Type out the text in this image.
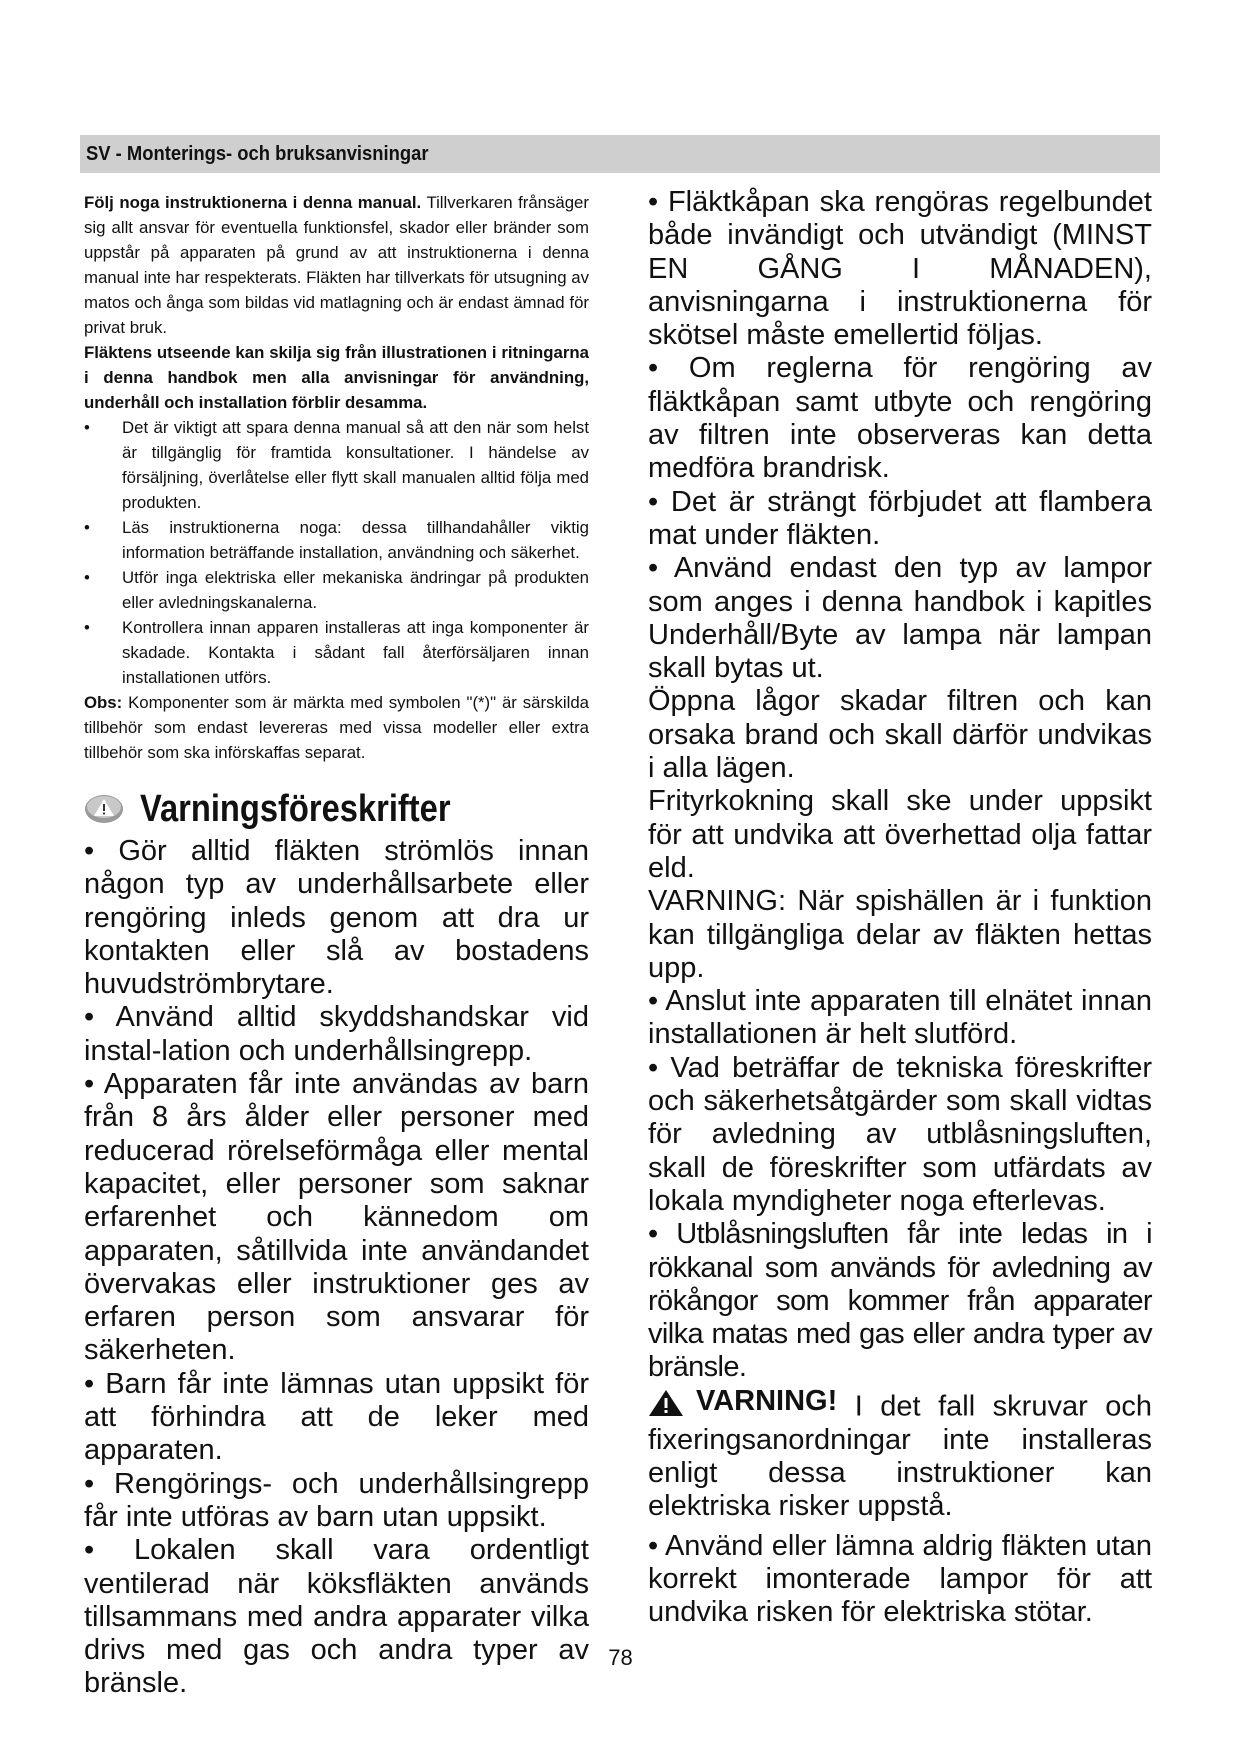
SV - Monterings- och bruksanvisningar

Följ noga instruktionerna i denna manual. Tillverkaren frånsäger sig allt ansvar för eventuella funktionsfel, skador eller bränder som uppstår på apparaten på grund av att instruktionerna i denna manual inte har respekterats. Fläkten har tillverkats för utsugning av matos och ånga som bildas vid matlagning och är endast ämnad för privat bruk.

Fläktens utseende kan skilja sig från illustrationen i ritningarna i denna handbok men alla anvisningar för användning, underhåll och installation förblir desamma.

•	Det är viktigt att spara denna manual så att den när som helst är tillgänglig för framtida konsultationer. I händelse av försäljning, överlåtelse eller flytt skall manualen alltid följa med produkten.
•	Läs instruktionerna noga: dessa tillhandahåller viktig information beträffande installation, användning och säkerhet.
•	Utför inga elektriska eller mekaniska ändringar på produkten eller avledningskanalerna.
•	Kontrollera innan apparen installeras att inga komponenter är skadade. Kontakta i sådant fall återförsäljaren innan installationen utförs.

Obs: Komponenter som är märkta med symbolen "(*)" är särskilda tillbehör som endast levereras med vissa modeller eller extra tillbehör som ska införskaffas separat.

Varningsföreskrifter

• Gör alltid fläkten strömlös innan någon typ av underhållsarbete eller rengöring inleds genom att dra ur kontakten eller slå av bostadens huvudströmbrytare.

• Använd alltid skyddshandskar vid instal-lation och underhållsingrepp.

• Apparaten får inte användas av barn från 8 års ålder eller personer med reducerad rörelseförmåga eller mental kapacitet, eller personer som saknar erfarenhet och kännedom om apparaten, såtillvida inte användandet övervakas eller instruktioner ges av erfaren person som ansvarar för säkerheten.

• Barn får inte lämnas utan uppsikt för att förhindra att de leker med apparaten.

• Rengörings- och underhållsingrepp får inte utföras av barn utan uppsikt.

• Lokalen skall vara ordentligt ventilerad när köksfläkten används tillsammans med andra apparater vilka drivs med gas och andra typer av bränsle.

• Fläktkåpan ska rengöras regelbundet både invändigt och utvändigt (MINST EN GÅNG I MÅNADEN), anvisningarna i instruktionerna för skötsel måste emellertid följas.

• Om reglerna för rengöring av fläktkåpan samt utbyte och rengöring av filtren inte observeras kan detta medföra brandrisk.

• Det är strängt förbjudet att flambera mat under fläkten.

• Använd endast den typ av lampor som anges i denna handbok i kapitles Underhåll/Byte av lampa när lampan skall bytas ut.

Öppna lågor skadar filtren och kan orsaka brand och skall därför undvikas i alla lägen.

Frityrkokning skall ske under uppsikt för att undvika att överhettad olja fattar eld.

VARNING: När spishällen är i funktion kan tillgängliga delar av fläkten hettas upp.

• Anslut inte apparaten till elnätet innan installationen är helt slutförd.

• Vad beträffar de tekniska föreskrifter och säkerhetsåtgärder som skall vidtas för avledning av utblåsningsluften, skall de föreskrifter som utfärdats av lokala myndigheter noga efterlevas.

• Utblåsningsluften får inte ledas in i rökkanal som används för avledning av rökångor som kommer från apparater vilka matas med gas eller andra typer av bränsle.

VARNING! I det fall skruvar och fixeringsanordningar inte installeras enligt dessa instruktioner kan elektriska risker uppstå.

• Använd eller lämna aldrig fläkten utan korrekt imonterade lampor för att undvika risken för elektriska stötar.

78
